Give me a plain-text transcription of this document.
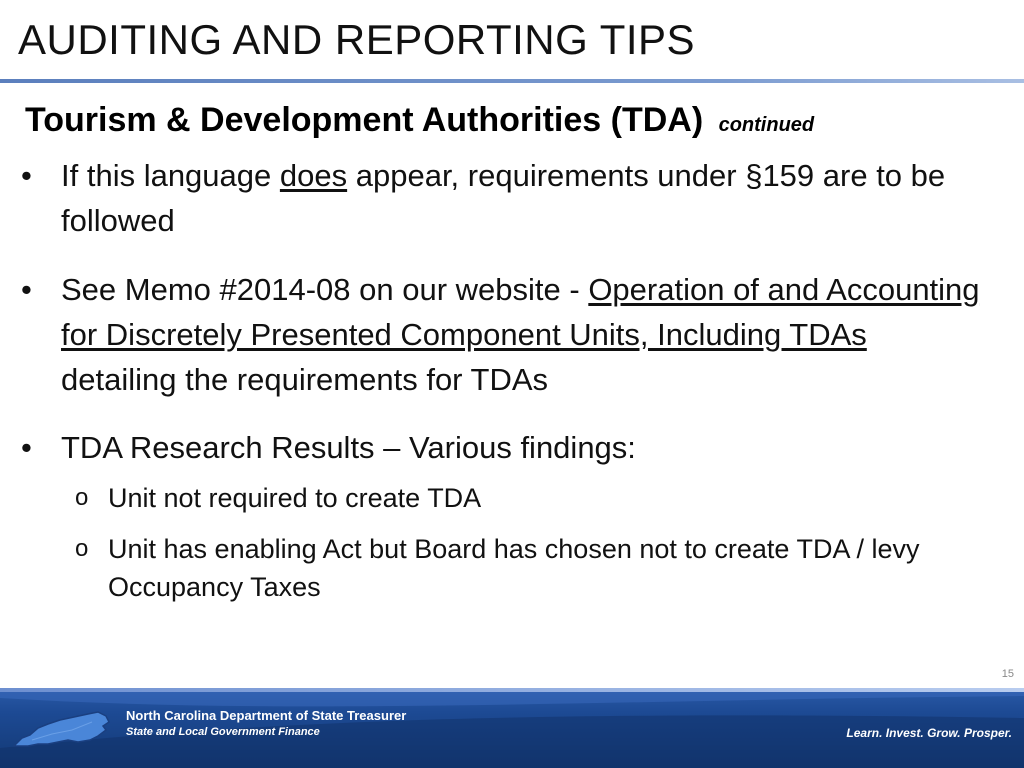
AUDITING AND REPORTING TIPS
Tourism & Development Authorities (TDA) continued
• If this language does appear, requirements under §159 are to be followed
• See Memo #2014-08 on our website - Operation of and Accounting for Discretely Presented Component Units, Including TDAs detailing the requirements for TDAs
• TDA Research Results – Various findings:
o Unit not required to create TDA
o Unit has enabling Act but Board has chosen not to create TDA / levy Occupancy Taxes
15
North Carolina Department of State Treasurer
State and Local Government Finance	Learn. Invest. Grow. Prosper.
